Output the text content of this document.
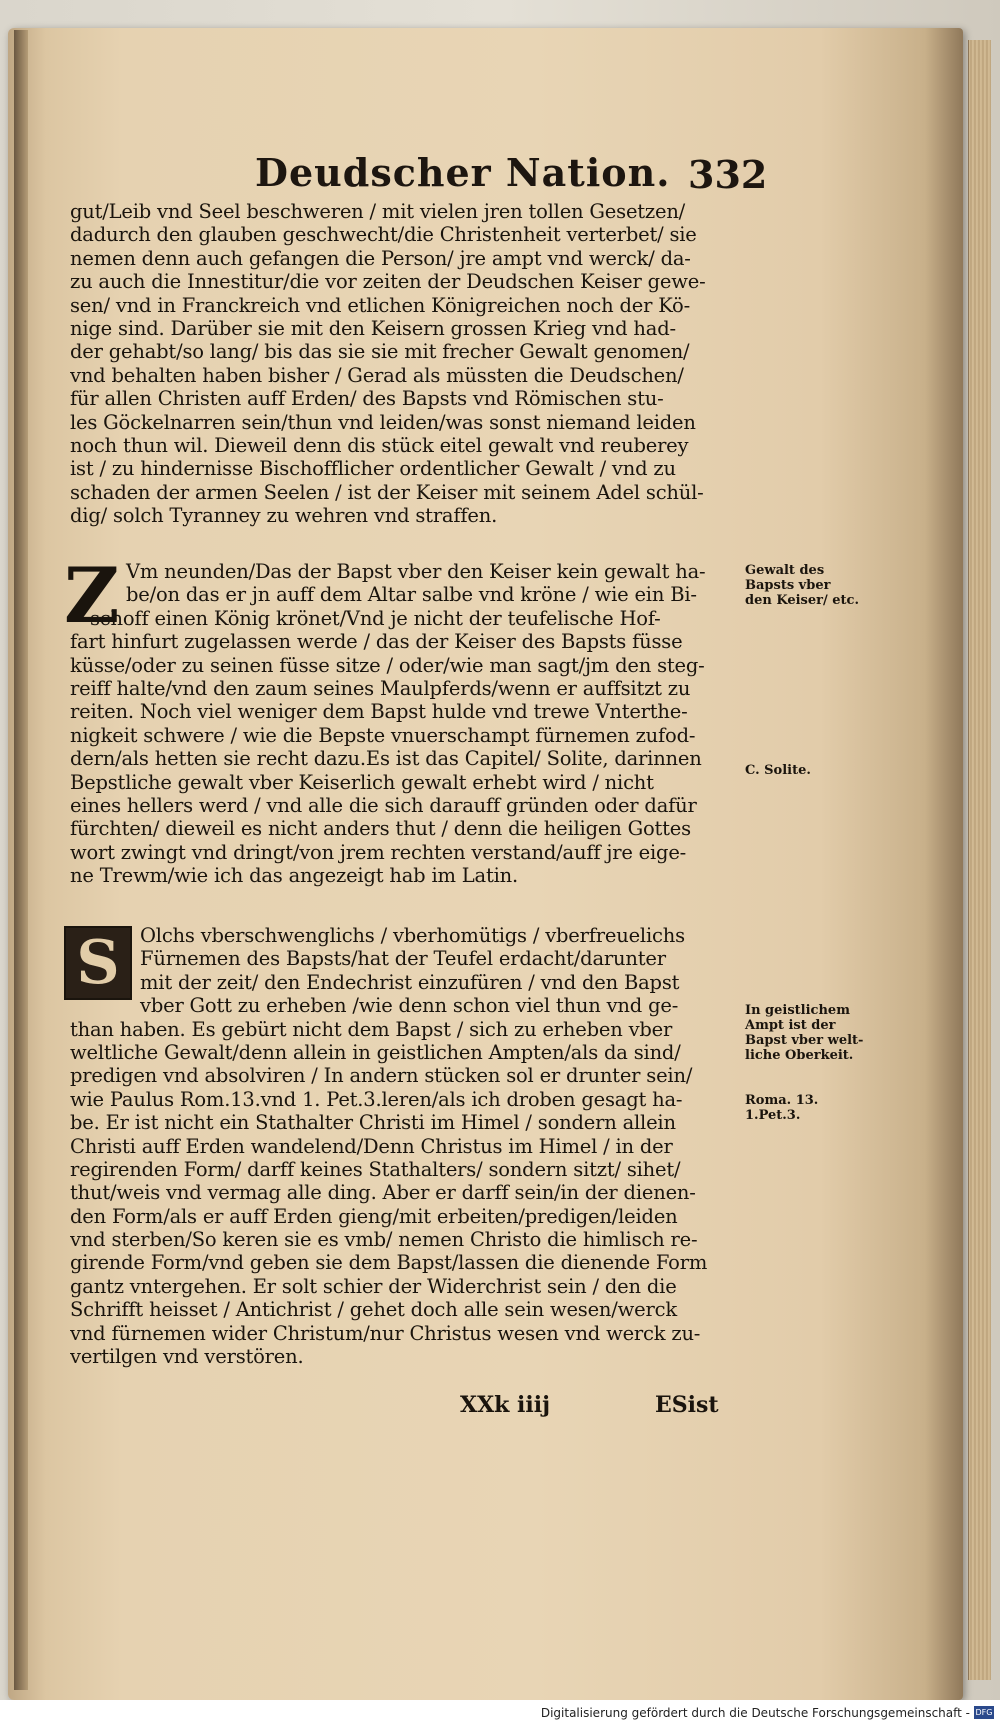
Deudscher Nation. 332
gut/Leib vnd Seel beschweren / mit vielen jren tollen Gesetzen/
dadurch den glauben geschwecht/die Christenheit verterbet/ sie
nemen denn auch gefangen die Person/ jre ampt vnd werck/ da-
zu auch die Innestitur/die vor zeiten der Deudschen Keiser gewe-
sen/ vnd in Franckreich vnd etlichen Königreichen noch der Kö-
nige sind. Darüber sie mit den Keisern grossen Krieg vnd had-
der gehabt/so lang/ bis das sie sie mit frecher Gewalt genomen/
vnd behalten haben bisher / Gerad als müssten die Deudschen/
für allen Christen auff Erden/ des Bapsts vnd Römischen stu-
les Göckelnarren sein/thun vnd leiden/was sonst niemand leiden
noch thun wil. Dieweil denn dis stück eitel gewalt vnd reuberey
ist / zu hindernisse Bischofflicher ordentlicher Gewalt / vnd zu
schaden der armen Seelen / ist der Keiser mit seinem Adel schül-
dig/ solch Tyranney zu wehren vnd straffen.
Z Vm neunden/Das der Bapst vber den Keiser kein gewalt ha-
be/on das er jn auff dem Altar salbe vnd kröne / wie ein Bi-
schoff einen König krönet/Vnd je nicht der teufelische Hof-
fart hinfurt zugelassen werde / das der Keiser des Bapsts füsse
küsse/oder zu seinen füsse sitze / oder/wie man sagt/jm den steg-
reiff halte/vnd den zaum seines Maulpferds/wenn er auffsitzt zu
reiten. Noch viel weniger dem Bapst hulde vnd trewe Vnterthe-
nigkeit schwere / wie die Bepste vnuerschampt fürnemen zufod-
dern/als hetten sie recht dazu.Es ist das Capitel/ Solite, darinnen
Bepstliche gewalt vber Keiserlich gewalt erhebt wird / nicht
eines hellers werd / vnd alle die sich darauff gründen oder dafür
fürchten/ dieweil es nicht anders thut / denn die heiligen Gottes
wort zwingt vnd dringt/von jrem rechten verstand/auff jre eige-
ne Trewm/wie ich das angezeigt hab im Latin.
S	Olchs vberschwenglichs / vberhomütigs / vberfreuelichs
Fürnemen des Bapsts/hat der Teufel erdacht/darunter
mit der zeit/ den Endechrist einzufüren / vnd den Bapst
vber Gott zu erheben /wie denn schon viel thun vnd ge-
than haben. Es gebürt nicht dem Bapst / sich zu erheben vber
weltliche Gewalt/denn allein in geistlichen Ampten/als da sind/
predigen vnd absolviren / In andern stücken sol er drunter sein/
wie Paulus Rom.13.vnd 1. Pet.3.leren/als ich droben gesagt ha-
be. Er ist nicht ein Stathalter Christi im Himel / sondern allein
Christi auff Erden wandelend/Denn Christus im Himel / in der
regirenden Form/ darff keines Stathalters/ sondern sitzt/ sihet/
thut/weis vnd vermag alle ding. Aber er darff sein/in der dienen-
den Form/als er auff Erden gieng/mit erbeiten/predigen/leiden
vnd sterben/So keren sie es vmb/ nemen Christo die himlisch re-
girende Form/vnd geben sie dem Bapst/lassen die dienende Form
gantz vntergehen. Er solt schier der Widerchrist sein / den die
Schrifft heisset / Antichrist / gehet doch alle sein wesen/werck
vnd fürnemen wider Christum/nur Christus wesen vnd werck zu-
vertilgen vnd verstören.
Gewalt des
Bapsts vber
den Keiser/ etc.
C. Solite.
In geistlichem
Ampt ist der
Bapst vber welt-
liche Oberkeit.
Roma. 13.
1.Pet.3.
XXk iiij	ESist
Digitalisierung gefördert durch die Deutsche Forschungsgemeinschaft - DFG
